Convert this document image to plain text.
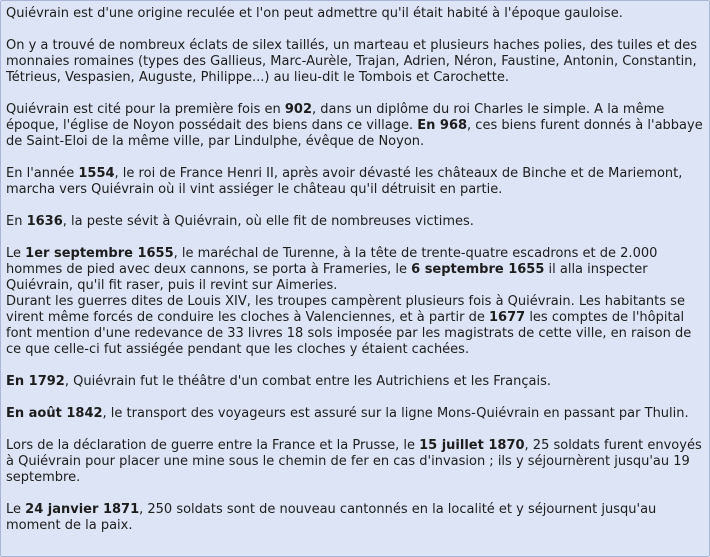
Quiévrain est d'une origine reculée et l'on peut admettre qu'il était habité à l'époque gauloise.

On y a trouvé de nombreux éclats de silex taillés, un marteau et plusieurs haches polies, des tuiles et des monnaies romaines (types des Gallieus, Marc-Aurèle, Trajan, Adrien, Néron, Faustine, Antonin, Constantin, Tétrieus, Vespasien, Auguste, Philippe...) au lieu-dit le Tombois et Carochette.

Quiévrain est cité pour la première fois en 902, dans un diplôme du roi Charles le simple. A la même époque, l'église de Noyon possédait des biens dans ce village. En 968, ces biens furent donnés à l'abbaye de Saint-Eloi de la même ville, par Lindulphe, évêque de Noyon.

En l'année 1554, le roi de France Henri II, après avoir dévasté les châteaux de Binche et de Mariemont, marcha vers Quiévrain où il vint assiéger le château qu'il détruisit en partie.

En 1636, la peste sévit à Quiévrain, où elle fit de nombreuses victimes.

Le 1er septembre 1655, le maréchal de Turenne, à la tête de trente-quatre escadrons et de 2.000 hommes de pied avec deux cannons, se porta à Frameries, le 6 septembre 1655 il alla inspecter Quiévrain, qu'il fit raser, puis il revint sur Aimeries.

Durant les guerres dites de Louis XIV, les troupes campèrent plusieurs fois à Quiévrain. Les habitants se virent même forcés de conduire les cloches à Valenciennes, et à partir de 1677 les comptes de l'hôpital font mention d'une redevance de 33 livres 18 sols imposée par les magistrats de cette ville, en raison de ce que celle-ci fut assiégée pendant que les cloches y étaient cachées.

En 1792, Quiévrain fut le théâtre d'un combat entre les Autrichiens et les Français.

En août 1842, le transport des voyageurs est assuré sur la ligne Mons-Quiévrain en passant par Thulin.

Lors de la déclaration de guerre entre la France et la Prusse, le 15 juillet 1870, 25 soldats furent envoyés à Quiévrain pour placer une mine sous le chemin de fer en cas d'invasion ; ils y séjournèrent jusqu'au 19 septembre.

Le 24 janvier 1871, 250 soldats sont de nouveau cantonnés en la localité et y séjournent jusqu'au moment de la paix.
